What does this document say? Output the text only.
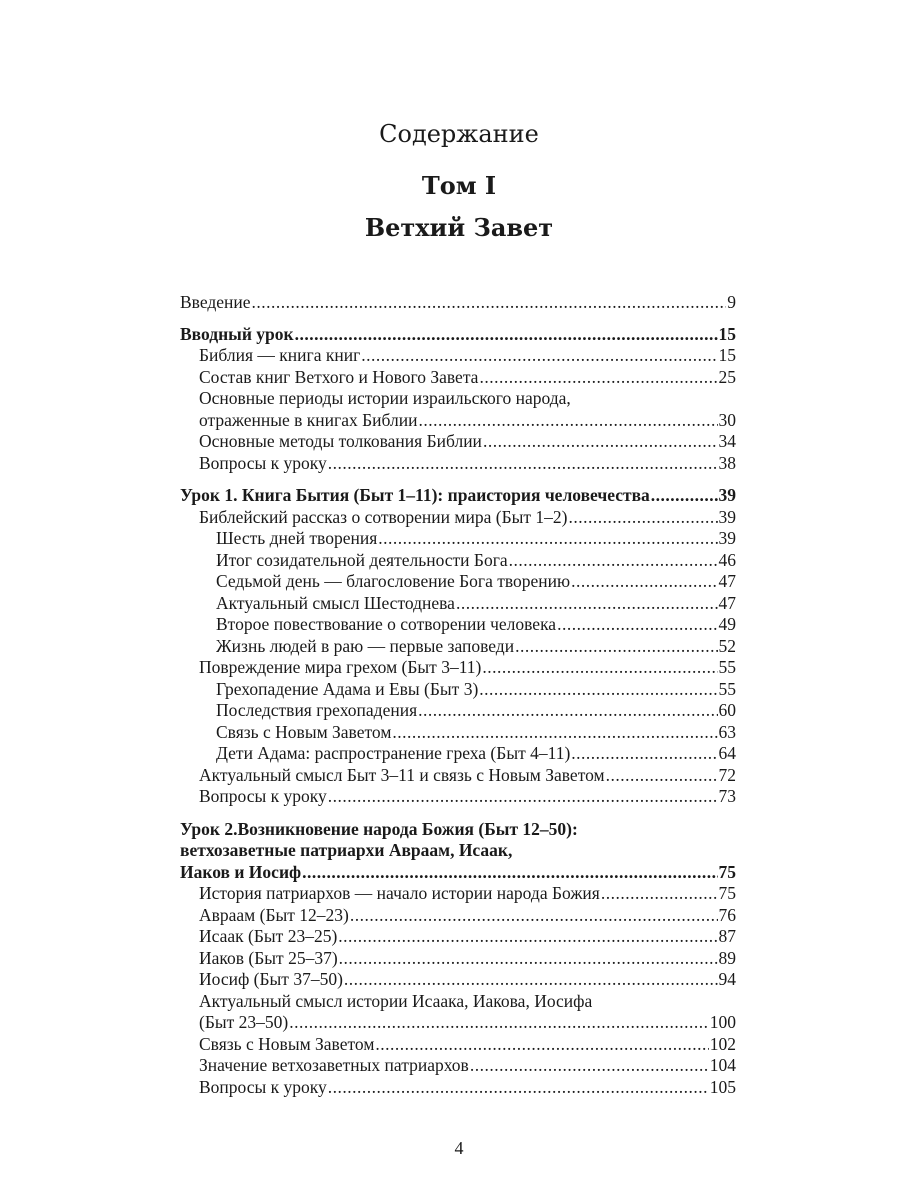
Содержание
Том I
Ветхий Завет
Введение .....	9
Вводный урок .....	15
Библия — книга книг .....	15
Состав книг Ветхого и Нового Завета .....	25
Основные периоды истории израильского народа,
отраженные в книгах Библии .....	30
Основные методы толкования Библии .....	34
Вопросы к уроку .....	38
Урок 1. Книга Бытия (Быт 1–11): праистория человечества .....	39
Библейский рассказ о сотворении мира (Быт 1–2) .....	39
Шесть дней творения .....	39
Итог созидательной деятельности Бога .....	46
Седьмой день — благословение Бога творению .....	47
Актуальный смысл Шестоднева .....	47
Второе повествование о сотворении человека .....	49
Жизнь людей в раю — первые заповеди .....	52
Повреждение мира грехом (Быт 3–11) .....	55
Грехопадение Адама и Евы (Быт 3) .....	55
Последствия грехопадения .....	60
Связь с Новым Заветом .....	63
Дети Адама: распространение греха (Быт 4–11) .....	64
Актуальный смысл Быт 3–11 и связь с Новым Заветом .....	72
Вопросы к уроку .....	73
Урок 2.Возникновение народа Божия (Быт 12–50):
ветхозаветные патриархи Авраам, Исаак,
Иаков и Иосиф .....	75
История патриархов — начало истории народа Божия .....	75
Авраам (Быт 12–23) .....	76
Исаак (Быт 23–25) .....	87
Иаков (Быт 25–37) .....	89
Иосиф (Быт 37–50) .....	94
Актуальный смысл истории Исаака, Иакова, Иосифа
(Быт 23–50) .....	100
Связь с Новым Заветом .....	102
Значение ветхозаветных патриархов .....	104
Вопросы к уроку .....	105
4
